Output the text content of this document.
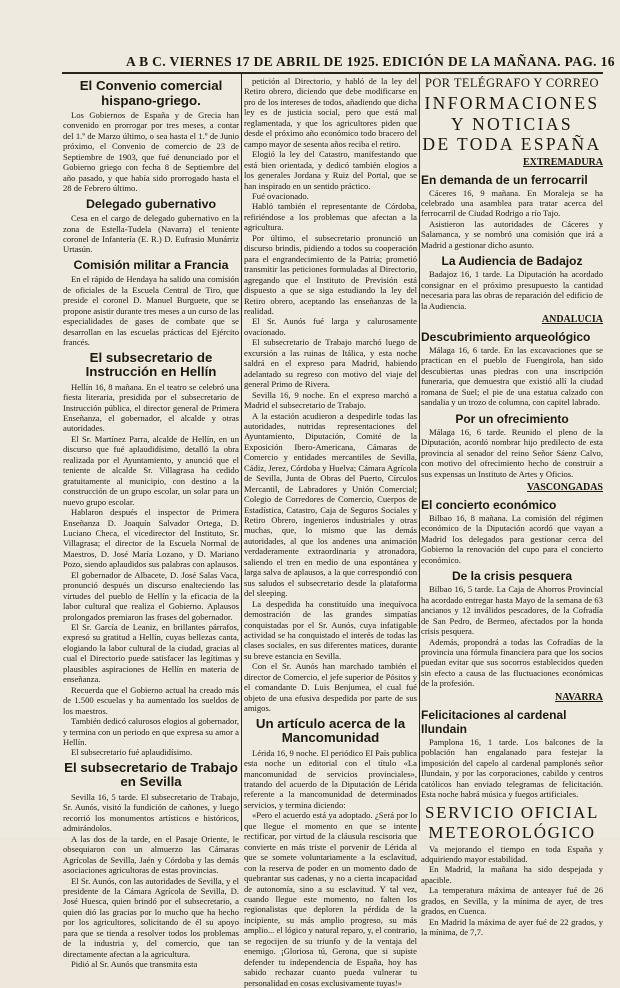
A B C. VIERNES 17 DE ABRIL DE 1925. EDICIÓN DE LA MAÑANA. PAG. 16
El Convenio comercial hispano-griego.

Los Gobiernos de España y de Grecia han convenido en prorrogar por tres meses, a contar del 1.º de Marzo último, o sea hasta el 1.º de Junio próximo, el Convenio de comercio de 23 de Septiembre de 1903, que fué denunciado por el Gobierno griego con fecha 8 de Septiembre del año pasado, y que había sido prorrogado hasta el 28 de Febrero último.

Delegado gubernativo

Cesa en el cargo de delegado gubernativo en la zona de Estella-Tudela (Navarra) el teniente coronel de Infantería (E. R.) D. Eufrasio Munárriz Urtasún.

Comisión militar a Francia

En el rápido de Hendaya ha salido una comisión de oficiales de la Escuela Central de Tiro, que preside el coronel D. Manuel Burguete, que se propone asistir durante tres meses a un curso de las especialidades de gases de combate que se desarrollan en las escuelas prácticas del Ejército francés.

El subsecretario de Instrucción en Hellín

Hellín 16, 8 mañana. En el teatro se celebró una fiesta literaria, presidida por el subsecretario de Instrucción pública, el director general de Primera Enseñanza, el gobernador, el alcalde y otras autoridades.

El Sr. Martínez Parra, alcalde de Hellín, en un discurso que fué aplaudidísimo, detalló la obra realizada por el Ayuntamiento, y anunció que el teniente de alcalde Sr. Villagrasa ha cedido gratuitamente al municipio, con destino a la construcción de un grupo escolar, un solar para un nuevo grupo escolar.

Hablaron después el inspector de Primera Enseñanza D. Joaquín Salvador Ortega, D. Luciano Checa, el vicedirector del Instituto, Sr. Villagrasa; el director de la Escuela Normal de Maestros, D. José María Lozano, y D. Mariano Pozo, siendo aplaudidos sus palabras con aplausos.

El gobernador de Albacete, D. José Salas Vaca, pronunció después un discurso enalteciendo las virtudes del pueblo de Hellín y la eficacia de la labor cultural que realiza el Gobierno. Aplausos prolongados premiaron las frases del gobernador.

El Sr. García de Leaniz, en brillantes párrafos, expresó su gratitud a Hellín, cuyas bellezas canta, elogiando la labor cultural de la ciudad, gracias al cual el Directorio puede satisfacer las legítimas y plausibles aspiraciones de Hellín en materia de enseñanza.

Recuerda que el Gobierno actual ha creado más de 1.500 escuelas y ha aumentado los sueldos de los maestros.

También dedicó calurosos elogios al gobernador, y termina con un periodo en que expresa su amor a Hellín.

El subsecretario fué aplaudidísimo.

El subsecretario de Trabajo en Sevilla

Sevilla 16, 5 tarde. El subsecretario de Trabajo, Sr. Aunós, visitó la fundición de cañones, y luego recorrió los monumentos artísticos e históricos, admirándolos.

A las dos de la tarde, en el Pasaje Oriente, le obsequiaron con un almuerzo las Cámaras Agrícolas de Sevilla, Jaén y Córdoba y las demás asociaciones agricultoras de estas provincias.

El Sr. Aunós, con las autoridades de Sevilla, y el presidente de la Cámara Agrícola de Sevilla, D. José Huesca, quien brindó por el subsecretario, a quien dió las gracias por lo mucho que ha hecho por los agricultores, solicitando de él su apoyo para que se tienda a resolver todos los problemas de la industria y, del comercio, que tan directamente afectan a la agricultura.

Pidió al Sr. Aunós que transmita esta

petición al Directorio, y habló de la ley del Retiro obrero, diciendo que debe modificarse en pro de los intereses de todos, añadiendo que dicha ley es de justicia social, pero que está mal reglamentada, y que los agricultores piden que desde el próximo año económico todo bracero del campo mayor de sesenta años reciba el retiro.

Elogió la ley del Catastro, manifestando que está bien orientada, y dedicó también elogios a los generales Jordana y Ruiz del Portal, que se han inspirado en un sentido práctico.

Fué ovacionado.

Habló también el representante de Córdoba, refiriéndose a los problemas que afectan a la agricultura.

Por último, el subsecretario pronunció un discurso brindis, pidiendo a todos su cooperación para el engrandecimiento de la Patria; prometió transmitir las peticiones formuladas al Directorio, agregando que el Instituto de Previsión está dispuesto a que se siga estudiando la ley del Retiro obrero, aceptando las enseñanzas de la realidad.

El Sr. Aunós fué larga y calurosamente ovacionado.

El subsecretario de Trabajo marchó luego de excursión a las ruinas de Itálica, y esta noche saldrá en el expreso para Madrid, habiendo adelantado su regreso con motivo del viaje del general Primo de Rivera.

Sevilla 16, 9 noche. En el expreso marchó a Madrid el subsecretario de Trabajo.

A la estación acudieron a despedirle todas las autoridades, nutridas representaciones del Ayuntamiento, Diputación, Comité de la Exposición Ibero-Americana, Cámaras de Comercio y entidades mercantiles de Sevilla, Cádiz, Jerez, Córdoba y Huelva; Cámara Agrícola de Sevilla, Junta de Obras del Puerto, Círculos Mercantil, de Labradores y Unión Comercial; Colegio de Corredores de Comercio, Cuerpos de Estadística, Catastro, Caja de Seguros Sociales y Retiro Obrero, ingenieros industriales y otras muchas, que, lo mismo que las demás autoridades, al que los andenes una animación verdaderamente extraordinaria y atronadora, saliendo el tren en medio de una espontánea y larga salva de aplausos, a la que correspondió con sus saludos el subsecretario desde la plataforma del sleeping.

La despedida ha constituído una inequívoca demostración de las grandes simpatías conquistadas por el Sr. Aunós, cuya infatigable actividad se ha conquistado el interés de todas las clases sociales, en sus diferentes matices, durante su breve estancia en Sevilla.

Con el Sr. Aunós han marchado también el director de Comercio, el jefe superior de Pósitos y el comandante D. Luis Benjumea, el cual fué objeto de una efusiva despedida por parte de sus amigos.

Un artículo acerca de la Mancomunidad

Lérida 16, 9 noche. El periódico El País publica esta noche un editorial con el título «La mancomunidad de servicios provinciales», tratando del acuerdo de la Diputación de Lérida referente a la mancomunidad de determinados servicios, y termina diciendo:

«Pero el acuerdo está ya adoptado. ¿Será por lo que llegue el momento en que se intente rectificar, por virtud de la cláusula rescisoria que convierte en más triste el porvenir de Lérida al que se somete voluntariamente a la esclavitud, con la reserva de poder en un momento dado de quebrantar sus cadenas, y no a cierta incapacidad de autonomía, sino a su esclavitud. Y tal vez, cuando llegue este momento, no falten los regionalistas que deploren la pérdida de la incipiente, su más amplio progreso, su más amplio... el lógico y natural reparo, y, el contrario, se regocijen de su triunfo y de la ventaja del enemigo. ¡Gloriosa tú, Gerona, que si supiste defender tu independencia de España, hoy has sabido rechazar cuanto pueda vulnerar tu personalidad en cosas exclusivamente tuyas!»

POR TELÉGRAFO Y CORREO
INFORMACIONES
Y NOTICIAS
DE TODA ESPAÑA
EXTREMADURA
En demanda de un ferrocarril

Cáceres 16, 9 mañana. En Moraleja se ha celebrado una asamblea para tratar acerca del ferrocarril de Ciudad Rodrigo a río Tajo.

Asistieron las autoridades de Cáceres y Salamanca, y se nombró una comisión que irá a Madrid a gestionar dicho asunto.

La Audiencia de Badajoz

Badajoz 16, 1 tarde. La Diputación ha acordado consignar en el próximo presupuesto la cantidad necesaria para las obras de reparación del edificio de la Audiencia.

ANDALUCIA
Descubrimiento arqueológico

Málaga 16, 6 tarde. En las excavaciones que se practican en el pueblo de Fuengirola, han sido descubiertas unas piedras con una inscripción funeraria, que demuestra que existió allí la ciudad romana de Suel; el pie de una estatua calzado con sandalia y un trozo de columna, con capitel labrado.

Por un ofrecimiento

Málaga 16, 6 tarde. Reunido el pleno de la Diputación, acordó nombrar hijo predilecto de esta provincia al senador del reino Señor Sáenz Calvo, con motivo del ofrecimiento hecho de construir a sus expensas un Instituto de Artes y Oficios.

VASCONGADAS
El concierto económico

Bilbao 16, 8 mañana. La comisión del régimen económico de la Diputación acordó que vayan a Madrid los delegados para gestionar cerca del Gobierno la renovación del cupo para el concierto económico.

De la crisis pesquera

Bilbao 16, 5 tarde. La Caja de Ahorros Provincial ha acordado entregar hasta Mayo de la semana de 63 ancianos y 12 inválidos pescadores, de la Cofradía de San Pedro, de Bermeo, afectados por la honda crisis pesquera.

Además, propondrá a todas las Cofradías de la provincia una fórmula financiera para que los socios puedan evitar que sus socorros establecidos queden sin efecto a causa de las fluctuaciones económicas de la profesión.

NAVARRA
Felicitaciones al cardenal Ilundain

Pamplona 16, 1 tarde. Los balcones de la población han engalanado para festejar la imposición del capelo al cardenal pamplonés señor Ilundain, y por las corporaciones, cabildo y centros católicos han enviado telegramas de felicitación. Esta noche habrá música y fuegos artificiales.

SERVICIO OFICIAL
METEOROLÓGICO

Va mejorando el tiempo en toda España y adquiriendo mayor estabilidad.

En Madrid, la mañana ha sido despejada y apacible.

La temperatura máxima de anteayer fué de 26 grados, en Sevilla, y la mínima de ayer, de tres grados, en Cuenca.

En Madrid la máxima de ayer fué de 22 grados, y la mínima, de 7,7.
